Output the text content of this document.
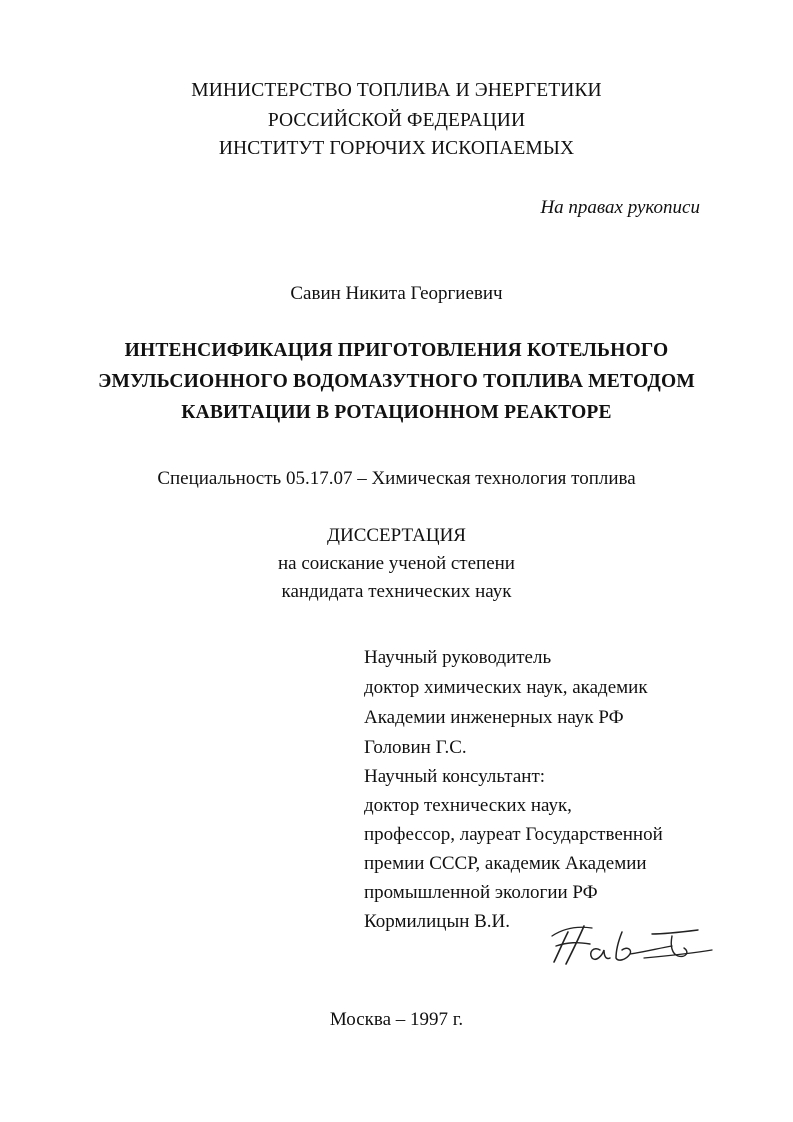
МИНИСТЕРСТВО ТОПЛИВА И ЭНЕРГЕТИКИ
РОССИЙСКОЙ ФЕДЕРАЦИИ
ИНСТИТУТ ГОРЮЧИХ ИСКОПАЕМЫХ
На правах рукописи
Савин Никита Георгиевич
ИНТЕНСИФИКАЦИЯ ПРИГОТОВЛЕНИЯ КОТЕЛЬНОГО
ЭМУЛЬСИОННОГО ВОДОМАЗУТНОГО ТОПЛИВА МЕТОДОМ
КАВИТАЦИИ В РОТАЦИОННОМ РЕАКТОРЕ
Специальность 05.17.07 – Химическая технология топлива
ДИССЕРТАЦИЯ
на соискание ученой степени
кандидата технических наук
Научный руководитель
доктор химических наук, академик
Академии инженерных наук РФ
Головин Г.С.
Научный консультант:
доктор технических наук,
профессор, лауреат Государственной
премии СССР, академик Академии
промышленной экологии РФ
Кормилицын В.И.
Москва – 1997 г.
